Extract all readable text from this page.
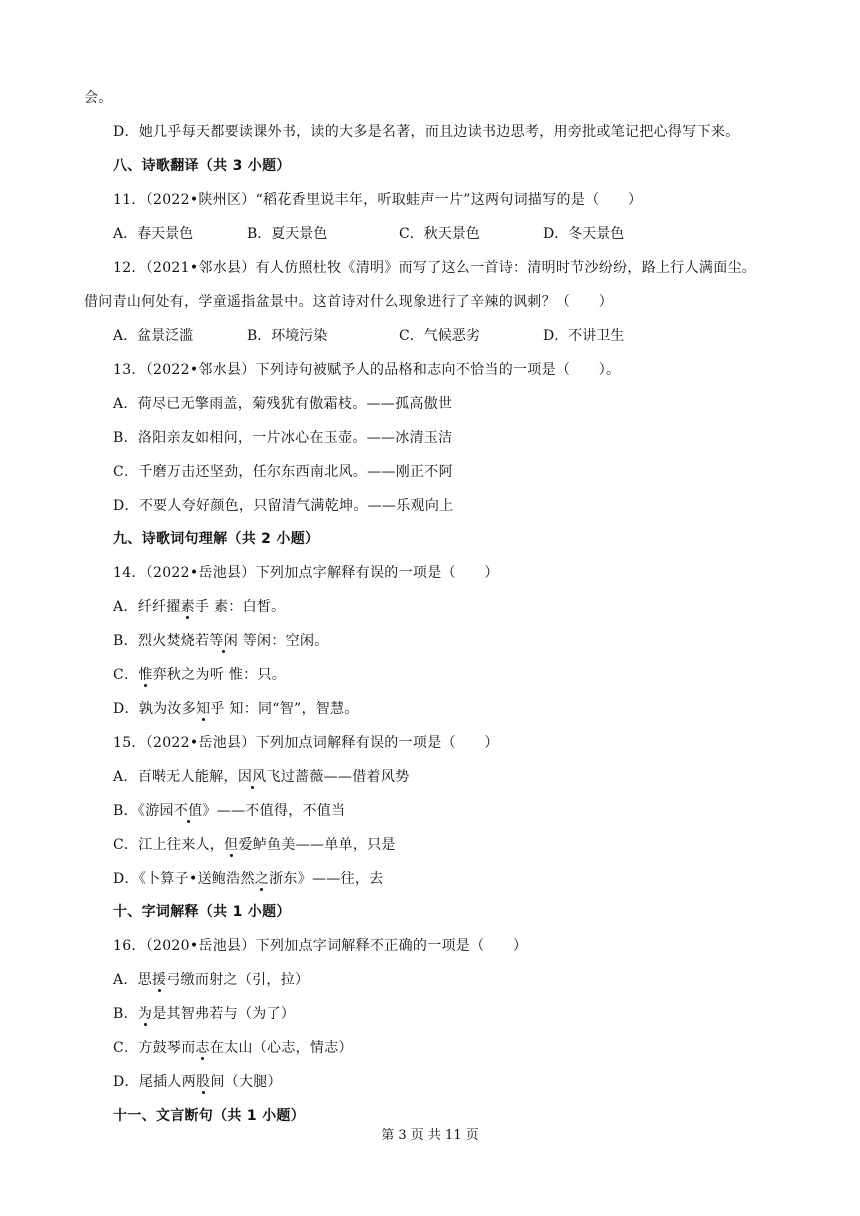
会。
D．她几乎每天都要读课外书，读的大多是名著，而且边读书边思考，用旁批或笔记把心得写下来。
八、诗歌翻译（共 3 小题）
11．（2022•陕州区）“稻花香里说丰年，听取蛙声一片”这两句词描写的是（　　）
A．春天景色	B．夏天景色	C．秋天景色	D．冬天景色
12．（2021•邻水县）有人仿照杜牧《清明》而写了这么一首诗：清明时节沙纷纷，路上行人满面尘。
借问青山何处有，学童遥指盆景中。这首诗对什么现象进行了辛辣的讽刺？（　　）
A．盆景泛滥	B．环境污染	C．气候恶劣	D．不讲卫生
13．（2022•邻水县）下列诗句被赋予人的品格和志向不恰当的一项是（　　）。
A．荷尽已无擎雨盖，菊残犹有傲霜枝。——孤高傲世
B．洛阳亲友如相问，一片冰心在玉壶。——冰清玉洁
C．千磨万击还坚劲，任尔东西南北风。——刚正不阿
D．不要人夸好颜色，只留清气满乾坤。——乐观向上
九、诗歌词句理解（共 2 小题）
14．（2022•岳池县）下列加点字解释有误的一项是（　　）
A．纤纤擢素手 素：白皙。
B．烈火焚烧若等闲 等闲：空闲。
C．惟弈秋之为听 惟：只。
D．孰为汝多知乎 知：同“智”，智慧。
15．（2022•岳池县）下列加点词解释有误的一项是（　　）
A．百啭无人能解，因风飞过蔷薇——借着风势
B．《游园不值》——不值得，不值当
C．江上往来人，但爱鲈鱼美——单单，只是
D．《卜算子•送鲍浩然之浙东》——往，去
十、字词解释（共 1 小题）
16．（2020•岳池县）下列加点字词解释不正确的一项是（　　）
A．思援弓缴而射之（引，拉）
B．为是其智弗若与（为了）
C．方鼓琴而志在太山（心志，情志）
D．尾插人两股间（大腿）
十一、文言断句（共 1 小题）
第 3 页 共 11 页
